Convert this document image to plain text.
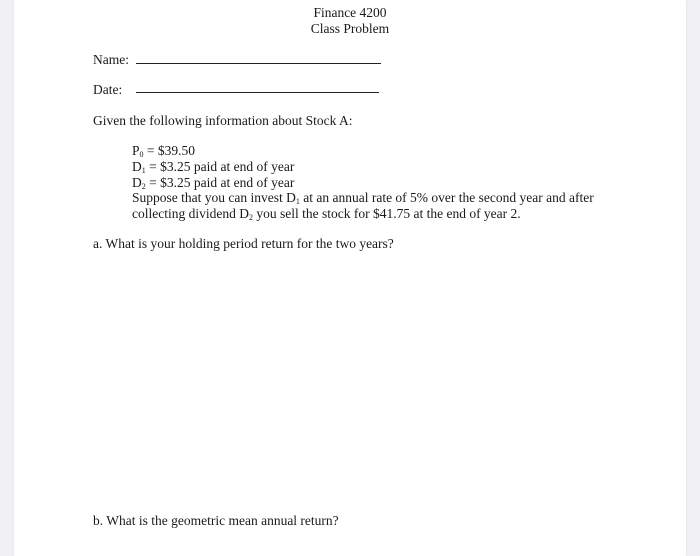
Finance 4200
Class Problem
Name:
Date:
Given the following information about Stock A:
$P_0$ = $39.50
$D_1$ = $3.25 paid at end of year
$D_2$ = $3.25 paid at end of year
Suppose that you can invest $D_1$ at an annual rate of 5% over the second year and after
collecting dividend $D_2$ you sell the stock for $41.75 at the end of year 2.
a. What is your holding period return for the two years?
b. What is the geometric mean annual return?
